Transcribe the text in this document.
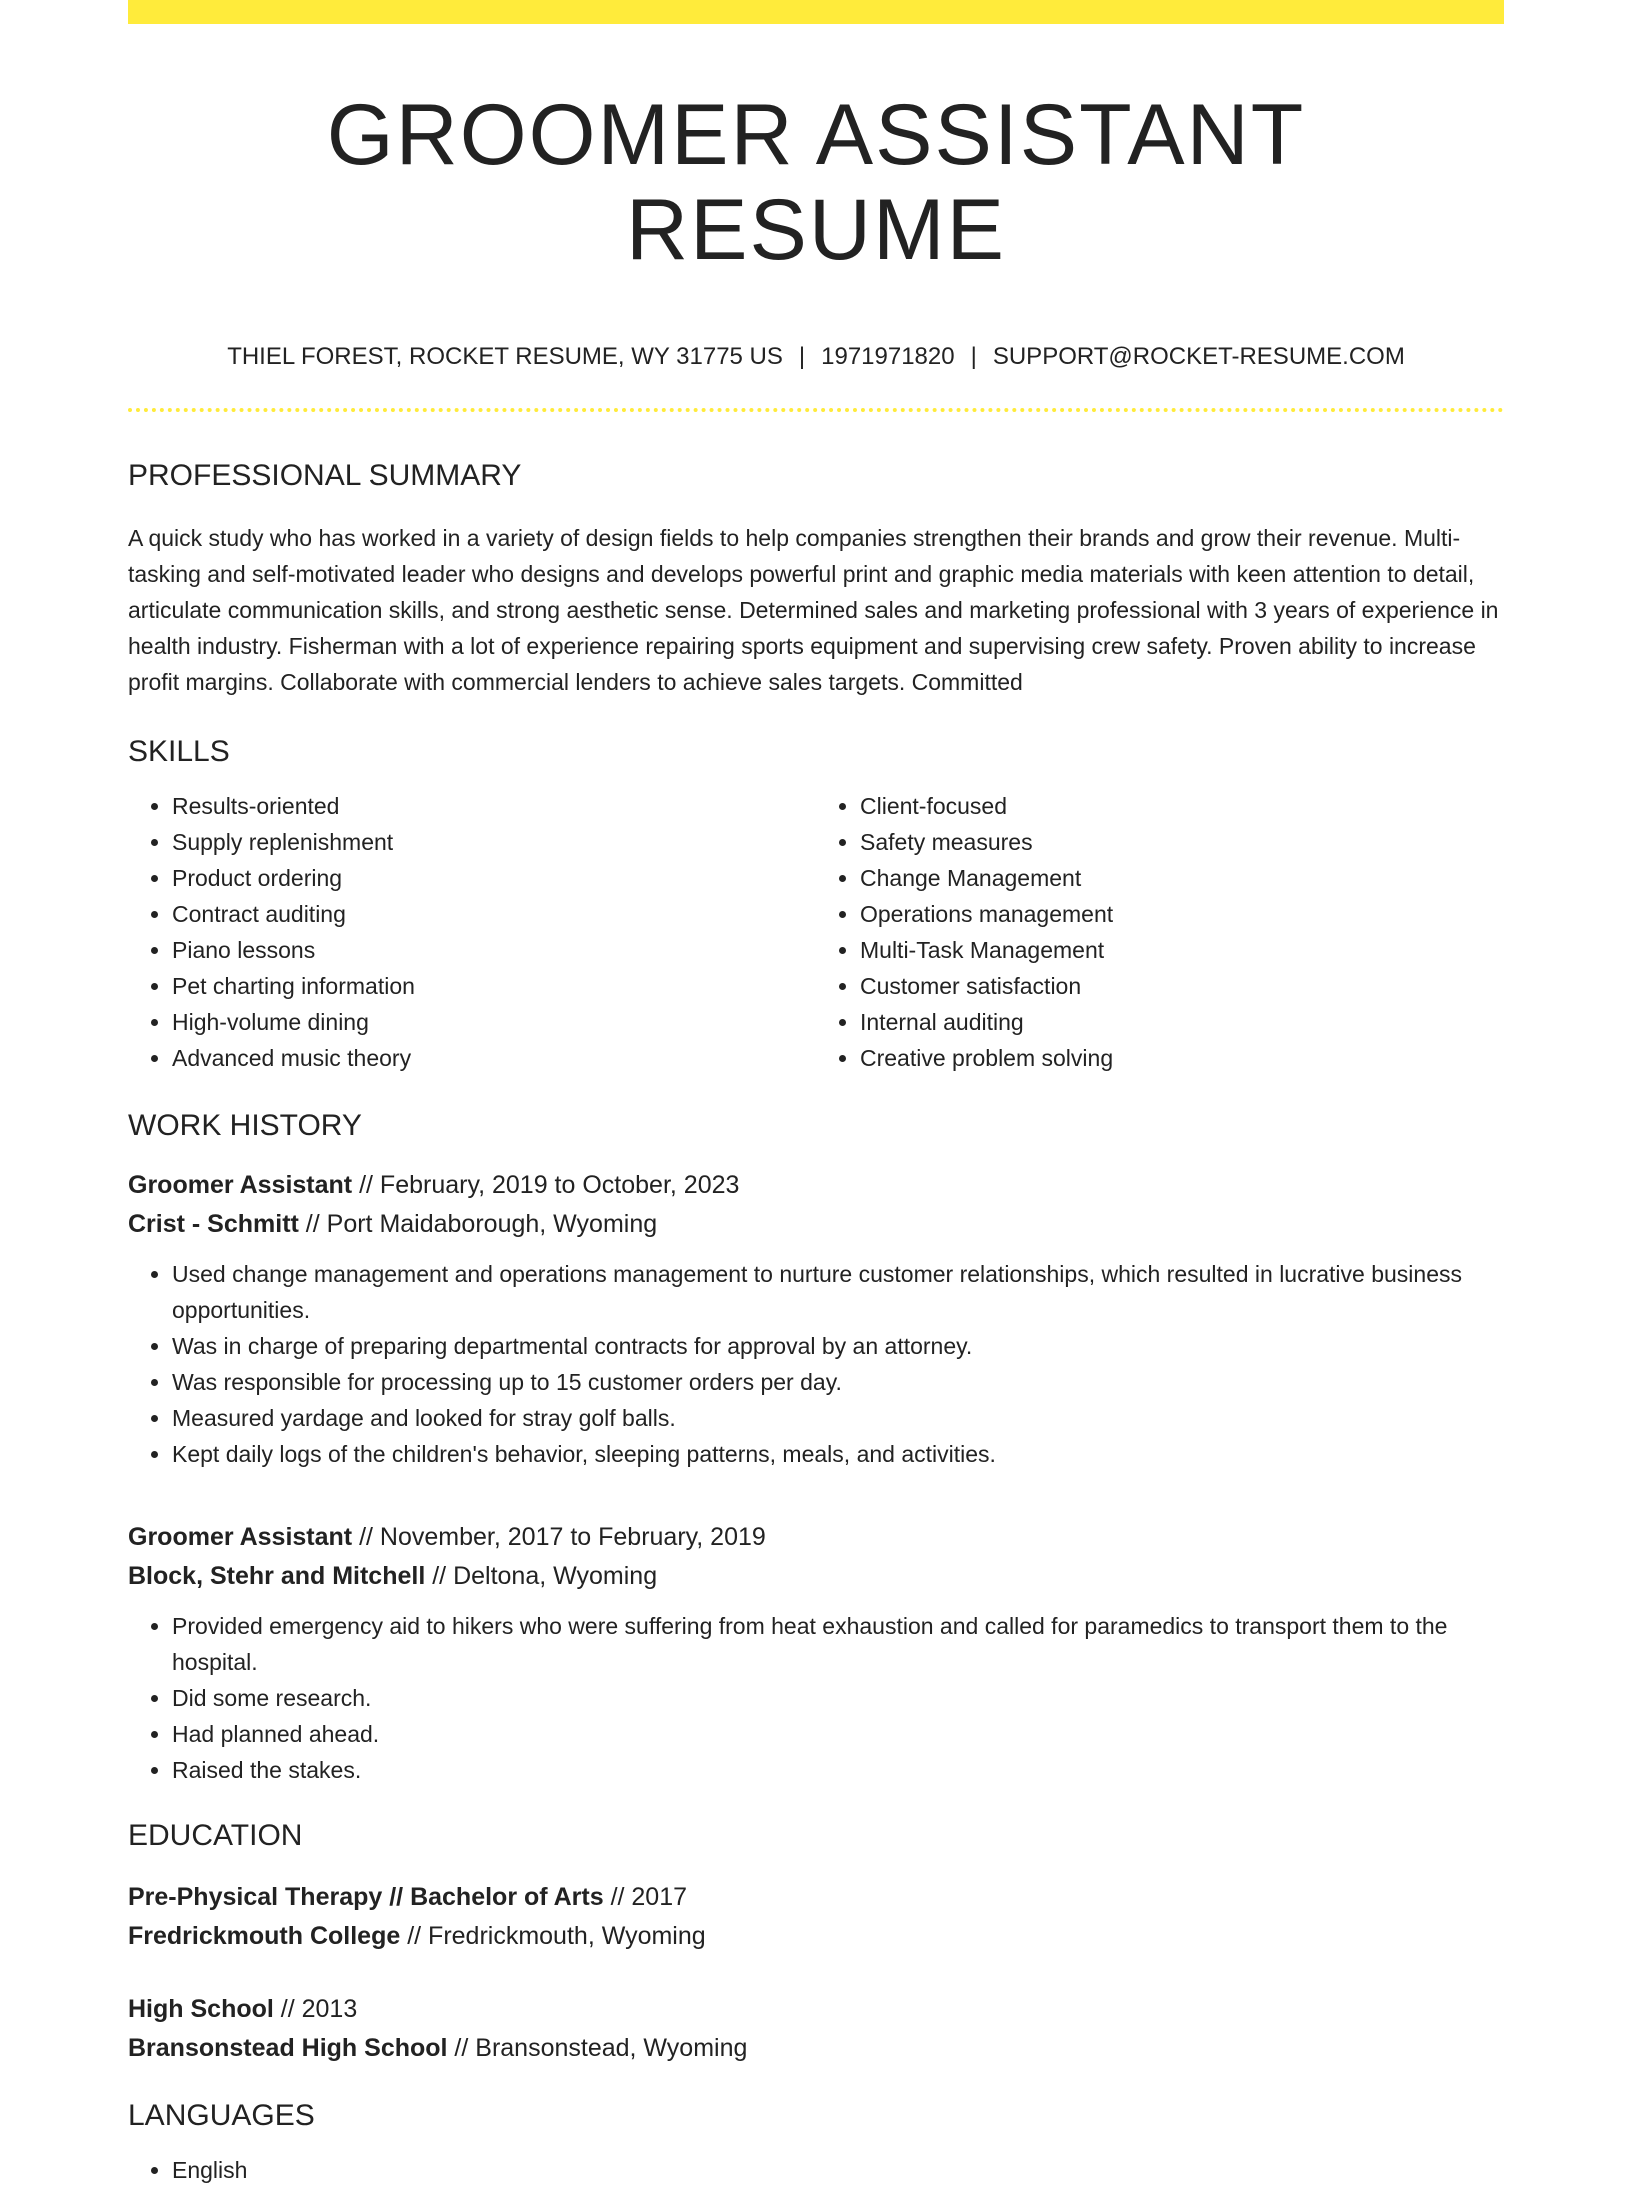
GROOMER ASSISTANT RESUME
THIEL FOREST, ROCKET RESUME, WY 31775 US | 1971971820 | SUPPORT@ROCKET-RESUME.COM
PROFESSIONAL SUMMARY
A quick study who has worked in a variety of design fields to help companies strengthen their brands and grow their revenue. Multi-tasking and self-motivated leader who designs and develops powerful print and graphic media materials with keen attention to detail, articulate communication skills, and strong aesthetic sense. Determined sales and marketing professional with 3 years of experience in health industry. Fisherman with a lot of experience repairing sports equipment and supervising crew safety. Proven ability to increase profit margins. Collaborate with commercial lenders to achieve sales targets. Committed
SKILLS
• Results-oriented
• Supply replenishment
• Product ordering
• Contract auditing
• Piano lessons
• Pet charting information
• High-volume dining
• Advanced music theory
• Client-focused
• Safety measures
• Change Management
• Operations management
• Multi-Task Management
• Customer satisfaction
• Internal auditing
• Creative problem solving
WORK HISTORY
Groomer Assistant // February, 2019 to October, 2023
Crist - Schmitt // Port Maidaborough, Wyoming
• Used change management and operations management to nurture customer relationships, which resulted in lucrative business opportunities.
• Was in charge of preparing departmental contracts for approval by an attorney.
• Was responsible for processing up to 15 customer orders per day.
• Measured yardage and looked for stray golf balls.
• Kept daily logs of the children's behavior, sleeping patterns, meals, and activities.
Groomer Assistant // November, 2017 to February, 2019
Block, Stehr and Mitchell // Deltona, Wyoming
• Provided emergency aid to hikers who were suffering from heat exhaustion and called for paramedics to transport them to the hospital.
• Did some research.
• Had planned ahead.
• Raised the stakes.
EDUCATION
Pre-Physical Therapy // Bachelor of Arts // 2017
Fredrickmouth College // Fredrickmouth, Wyoming
High School // 2013
Bransonstead High School // Bransonstead, Wyoming
LANGUAGES
• English
